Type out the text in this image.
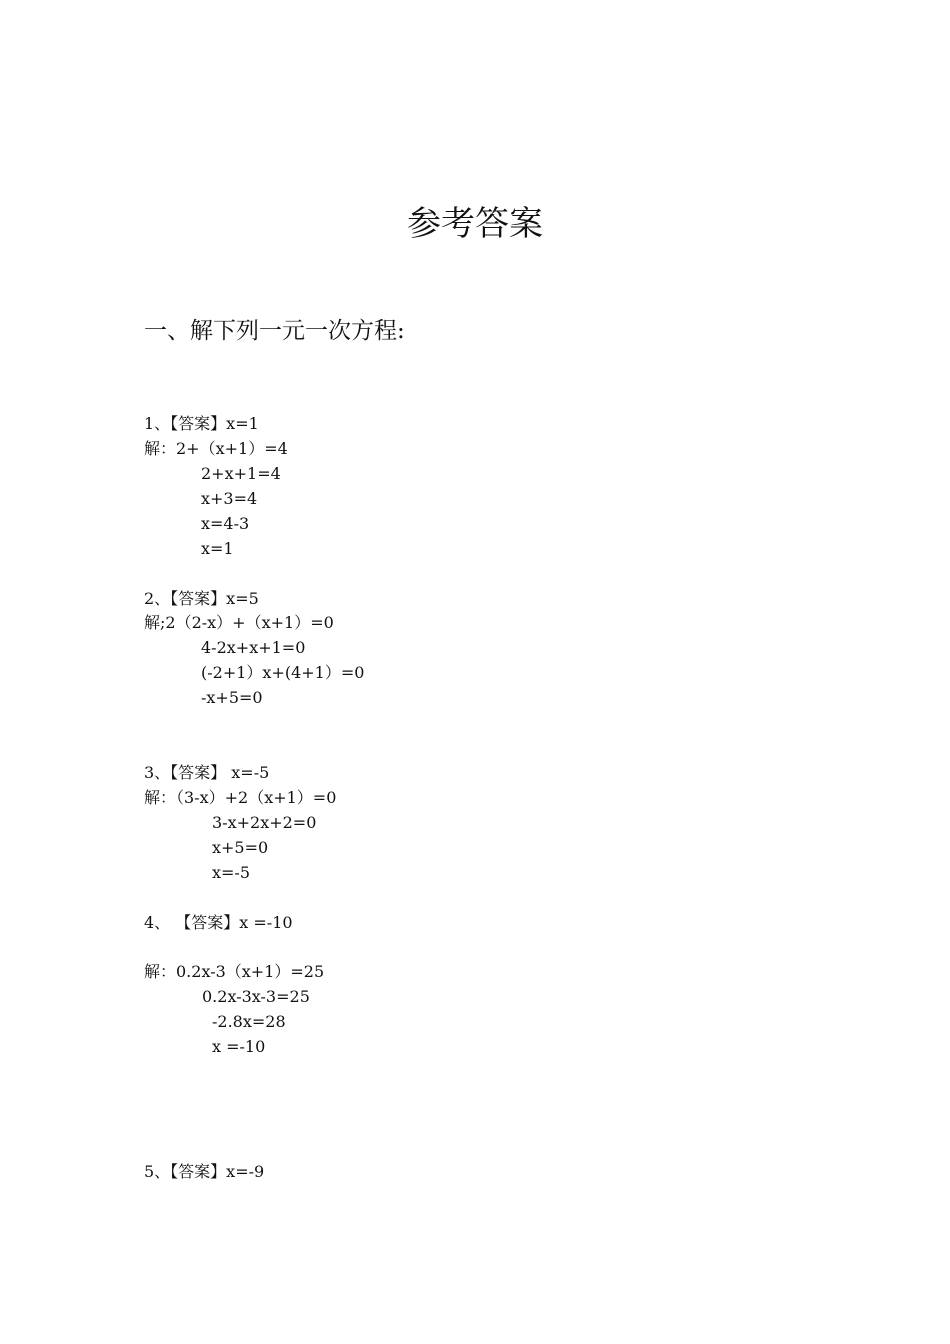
参考答案
一、解下列一元一次方程:
1、【答案】x=1
解：2+（x+1）=4
2+x+1=4
x+3=4
x=4-3
x=1
2、【答案】x=5
解;2（2-x）+（x+1）=0
4-2x+x+1=0
(-2+1）x+(4+1）=0
-x+5=0
3、【答案】 x=-5
解：（3-x）+2（x+1）=0
3-x+2x+2=0
x+5=0
x=-5
4、 【答案】x =-10
解：0.2x-3（x+1）=25
0.2x-3x-3=25
-2.8x=28
x =-10
5、【答案】x=-9
